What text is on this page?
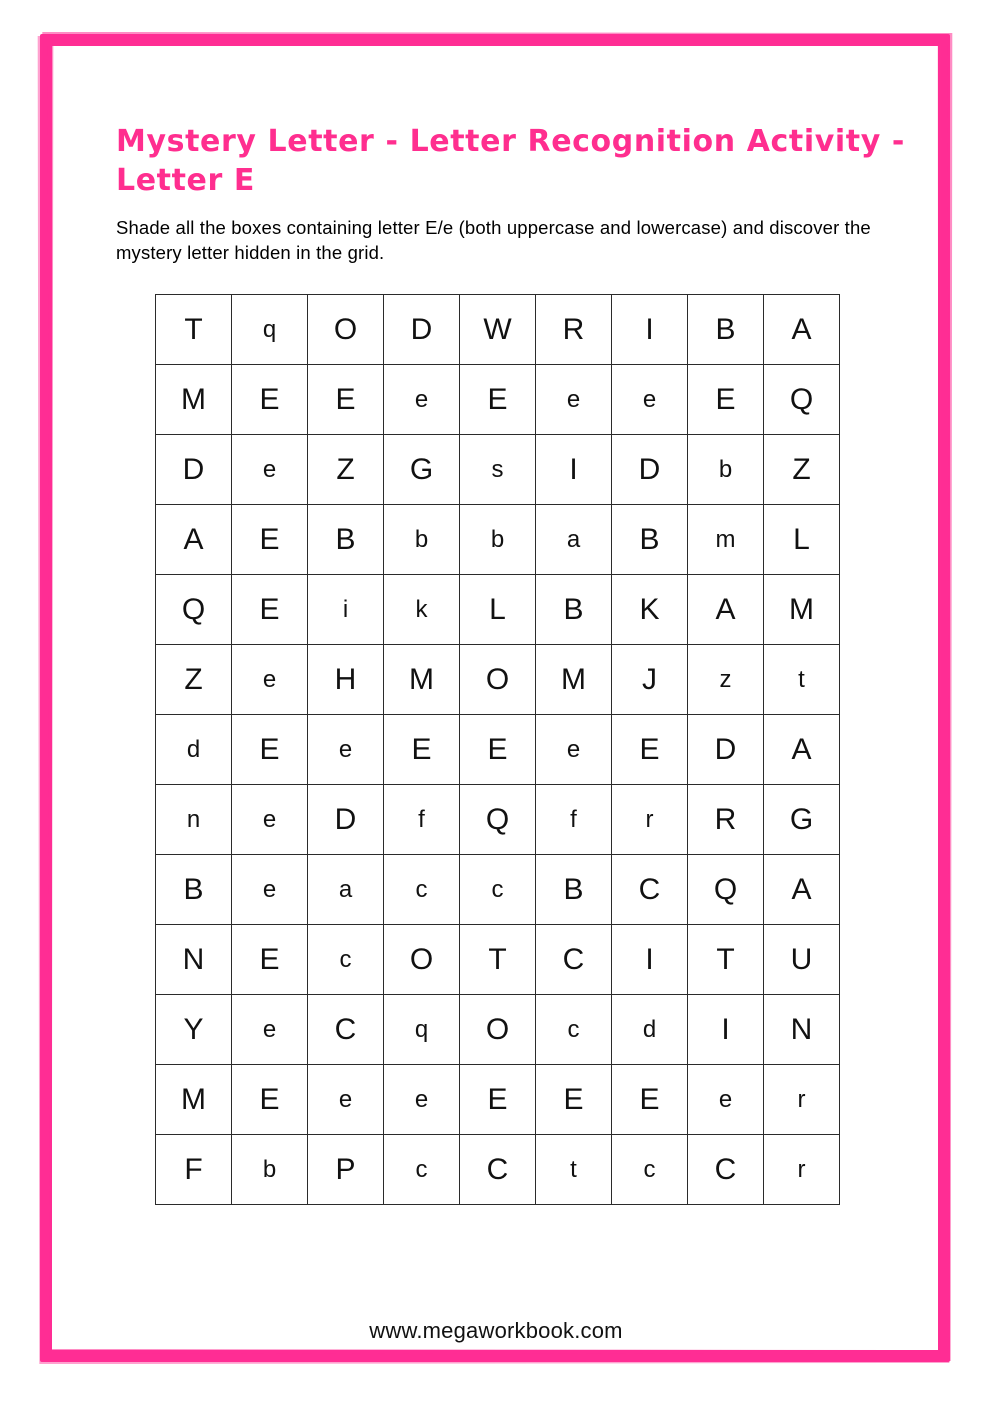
Mystery Letter - Letter Recognition Activity - Letter E
Shade all the boxes containing letter E/e (both uppercase and lowercase) and discover the mystery letter hidden in the grid.
T	q	O	D	W	R	I	B	A
M	E	E	e	E	e	e	E	Q
D	e	Z	G	s	I	D	b	Z
A	E	B	b	b	a	B	m	L
Q	E	i	k	L	B	K	A	M
Z	e	H	M	O	M	J	z	t
d	E	e	E	E	e	E	D	A
n	e	D	f	Q	f	r	R	G
B	e	a	c	c	B	C	Q	A
N	E	c	O	T	C	I	T	U
Y	e	C	q	O	c	d	I	N
M	E	e	e	E	E	E	e	r
F	b	P	c	C	t	c	C	r
www.megaworkbook.com
